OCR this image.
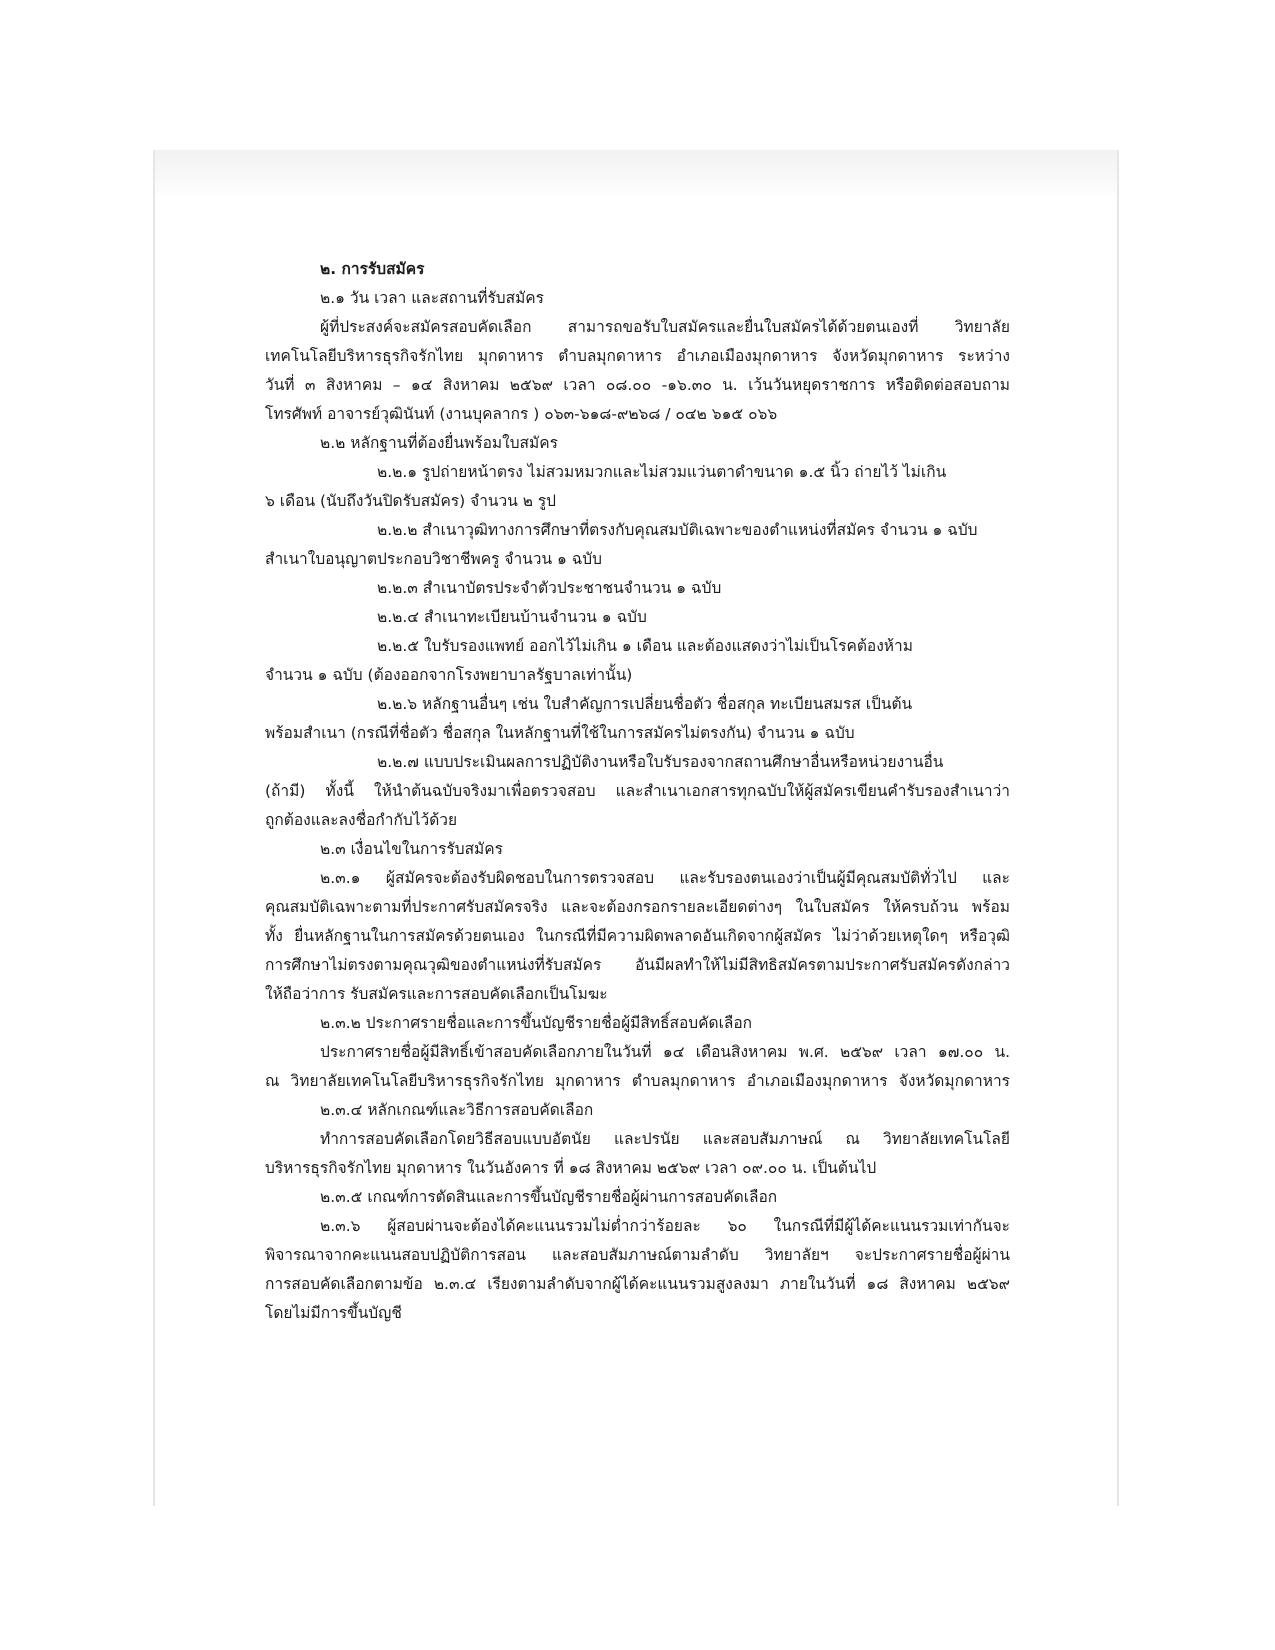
๒. การรับสมัคร
๒.๑ วัน เวลา และสถานที่รับสมัคร
ผู้ที่ประสงค์จะสมัครสอบคัดเลือก สามารถขอรับใบสมัครและยื่นใบสมัครได้ด้วยตนเองที่ วิทยาลัย
เทคโนโลยีบริหารธุรกิจรักไทย มุกดาหาร ตำบลมุกดาหาร อำเภอเมืองมุกดาหาร จังหวัดมุกดาหาร ระหว่าง
วันที่ ๓ สิงหาคม – ๑๔ สิงหาคม ๒๕๖๙ เวลา ๐๘.๐๐ -๑๖.๓๐ น. เว้นวันหยุดราชการ หรือติดต่อสอบถาม
โทรศัพท์ อาจารย์วุฒินันท์ (งานบุคลากร ) ๐๖๓-๖๑๘-๙๒๖๘ / ๐๔๒ ๖๑๕ ๐๖๖
๒.๒ หลักฐานที่ต้องยื่นพร้อมใบสมัคร
๒.๒.๑ รูปถ่ายหน้าตรง ไม่สวมหมวกและไม่สวมแว่นตาดำขนาด ๑.๕ นิ้ว ถ่ายไว้ ไม่เกิน
๖ เดือน (นับถึงวันปิดรับสมัคร) จำนวน ๒ รูป
๒.๒.๒ สำเนาวุฒิทางการศึกษาที่ตรงกับคุณสมบัติเฉพาะของตำแหน่งที่สมัคร จำนวน ๑ ฉบับ
สำเนาใบอนุญาตประกอบวิชาชีพครู จำนวน ๑ ฉบับ
๒.๒.๓ สำเนาบัตรประจำตัวประชาชนจำนวน ๑ ฉบับ
๒.๒.๔ สำเนาทะเบียนบ้านจำนวน ๑ ฉบับ
๒.๒.๕ ใบรับรองแพทย์ ออกไว้ไม่เกิน ๑ เดือน และต้องแสดงว่าไม่เป็นโรคต้องห้าม
จำนวน ๑ ฉบับ (ต้องออกจากโรงพยาบาลรัฐบาลเท่านั้น)
๒.๒.๖ หลักฐานอื่นๆ เช่น ใบสำคัญการเปลี่ยนชื่อตัว ชื่อสกุล ทะเบียนสมรส เป็นต้น
พร้อมสำเนา (กรณีที่ชื่อตัว ชื่อสกุล ในหลักฐานที่ใช้ในการสมัครไม่ตรงกัน) จำนวน ๑ ฉบับ
๒.๒.๗ แบบประเมินผลการปฏิบัติงานหรือใบรับรองจากสถานศึกษาอื่นหรือหน่วยงานอื่น
(ถ้ามี) ทั้งนี้ ให้นำต้นฉบับจริงมาเพื่อตรวจสอบ และสำเนาเอกสารทุกฉบับให้ผู้สมัครเขียนคำรับรองสำเนาว่า
ถูกต้องและลงชื่อกำกับไว้ด้วย
๒.๓ เงื่อนไขในการรับสมัคร
๒.๓.๑ ผู้สมัครจะต้องรับผิดชอบในการตรวจสอบ และรับรองตนเองว่าเป็นผู้มีคุณสมบัติทั่วไป และ
คุณสมบัติเฉพาะตามที่ประกาศรับสมัครจริง และจะต้องกรอกรายละเอียดต่างๆ ในใบสมัคร ให้ครบถ้วน พร้อม
ทั้ง ยื่นหลักฐานในการสมัครด้วยตนเอง ในกรณีที่มีความผิดพลาดอันเกิดจากผู้สมัคร ไม่ว่าด้วยเหตุใดๆ หรือวุฒิ
การศึกษาไม่ตรงตามคุณวุฒิของตำแหน่งที่รับสมัคร อันมีผลทำให้ไม่มีสิทธิสมัครตามประกาศรับสมัครดังกล่าว
ให้ถือว่าการ รับสมัครและการสอบคัดเลือกเป็นโมฆะ
๒.๓.๒ ประกาศรายชื่อและการขึ้นบัญชีรายชื่อผู้มีสิทธิ์สอบคัดเลือก
ประกาศรายชื่อผู้มีสิทธิ์เข้าสอบคัดเลือกภายในวันที่ ๑๔ เดือนสิงหาคม พ.ศ. ๒๕๖๙ เวลา ๑๗.๐๐ น.
ณ วิทยาลัยเทคโนโลยีบริหารธุรกิจรักไทย มุกดาหาร ตำบลมุกดาหาร อำเภอเมืองมุกดาหาร จังหวัดมุกดาหาร
๒.๓.๔ หลักเกณฑ์และวิธีการสอบคัดเลือก
ทำการสอบคัดเลือกโดยวิธีสอบแบบอัตนัย และปรนัย และสอบสัมภาษณ์ ณ วิทยาลัยเทคโนโลยี
บริหารธุรกิจรักไทย มุกดาหาร ในวันอังคาร ที่ ๑๘ สิงหาคม ๒๕๖๙ เวลา ๐๙.๐๐ น. เป็นต้นไป
๒.๓.๕ เกณฑ์การตัดสินและการขึ้นบัญชีรายชื่อผู้ผ่านการสอบคัดเลือก
๒.๓.๖ ผู้สอบผ่านจะต้องได้คะแนนรวมไม่ต่ำกว่าร้อยละ ๖๐ ในกรณีที่มีผู้ได้คะแนนรวมเท่ากันจะ
พิจารณาจากคะแนนสอบปฏิบัติการสอน และสอบสัมภาษณ์ตามลำดับ วิทยาลัยฯ จะประกาศรายชื่อผู้ผ่าน
การสอบคัดเลือกตามข้อ ๒.๓.๔ เรียงตามลำดับจากผู้ได้คะแนนรวมสูงลงมา ภายในวันที่ ๑๘ สิงหาคม ๒๕๖๙
โดยไม่มีการขึ้นบัญชี
